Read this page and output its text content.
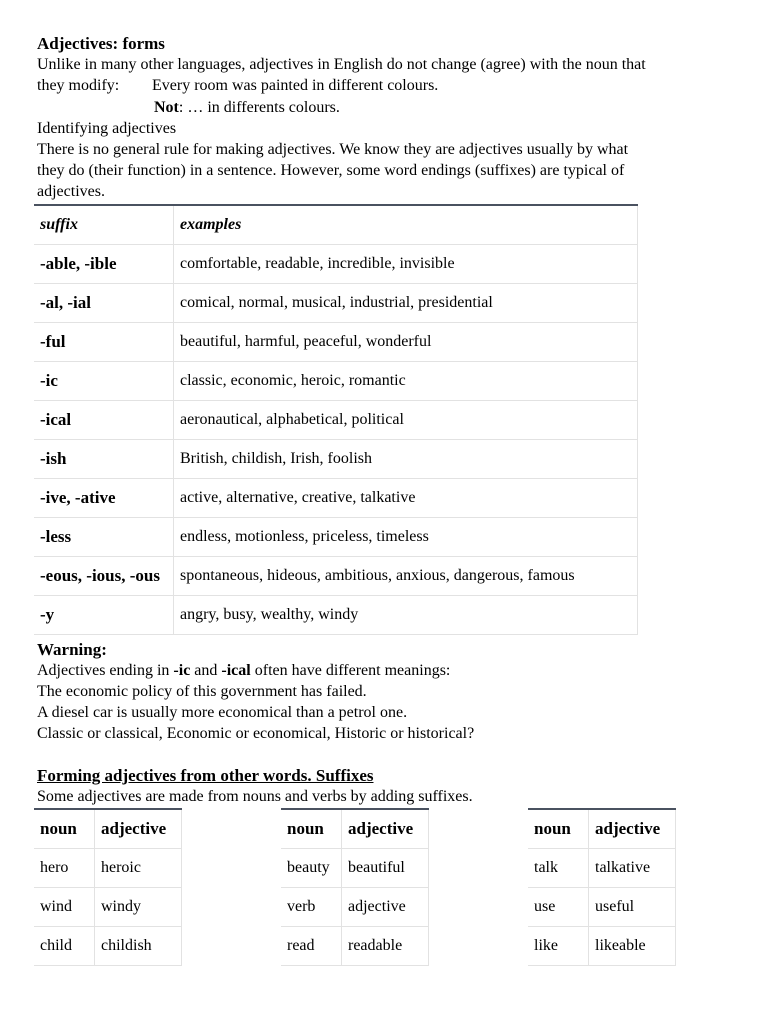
Adjectives: forms
Unlike in many other languages, adjectives in English do not change (agree) with the noun that
they modify: Every room was painted in different colours.
Not: … in differents colours.
Identifying adjectives
There is no general rule for making adjectives. We know they are adjectives usually by what
they do (their function) in a sentence. However, some word endings (suffixes) are typical of
adjectives.
suffix	examples
-able, -ible	comfortable, readable, incredible, invisible
-al, -ial	comical, normal, musical, industrial, presidential
-ful	beautiful, harmful, peaceful, wonderful
-ic	classic, economic, heroic, romantic
-ical	aeronautical, alphabetical, political
-ish	British, childish, Irish, foolish
-ive, -ative	active, alternative, creative, talkative
-less	endless, motionless, priceless, timeless
-eous, -ious, -ous	spontaneous, hideous, ambitious, anxious, dangerous, famous
-y	angry, busy, wealthy, windy
Warning:
Adjectives ending in -ic and -ical often have different meanings:
The economic policy of this government has failed.
A diesel car is usually more economical than a petrol one.
Classic or classical, Economic or economical, Historic or historical?
Forming adjectives from other words. Suffixes
Some adjectives are made from nouns and verbs by adding suffixes.
noun	adjective
hero	heroic
wind	windy
child	childish
noun	adjective
beauty	beautiful
verb	adjective
read	readable
noun	adjective
talk	talkative
use	useful
like	likeable
